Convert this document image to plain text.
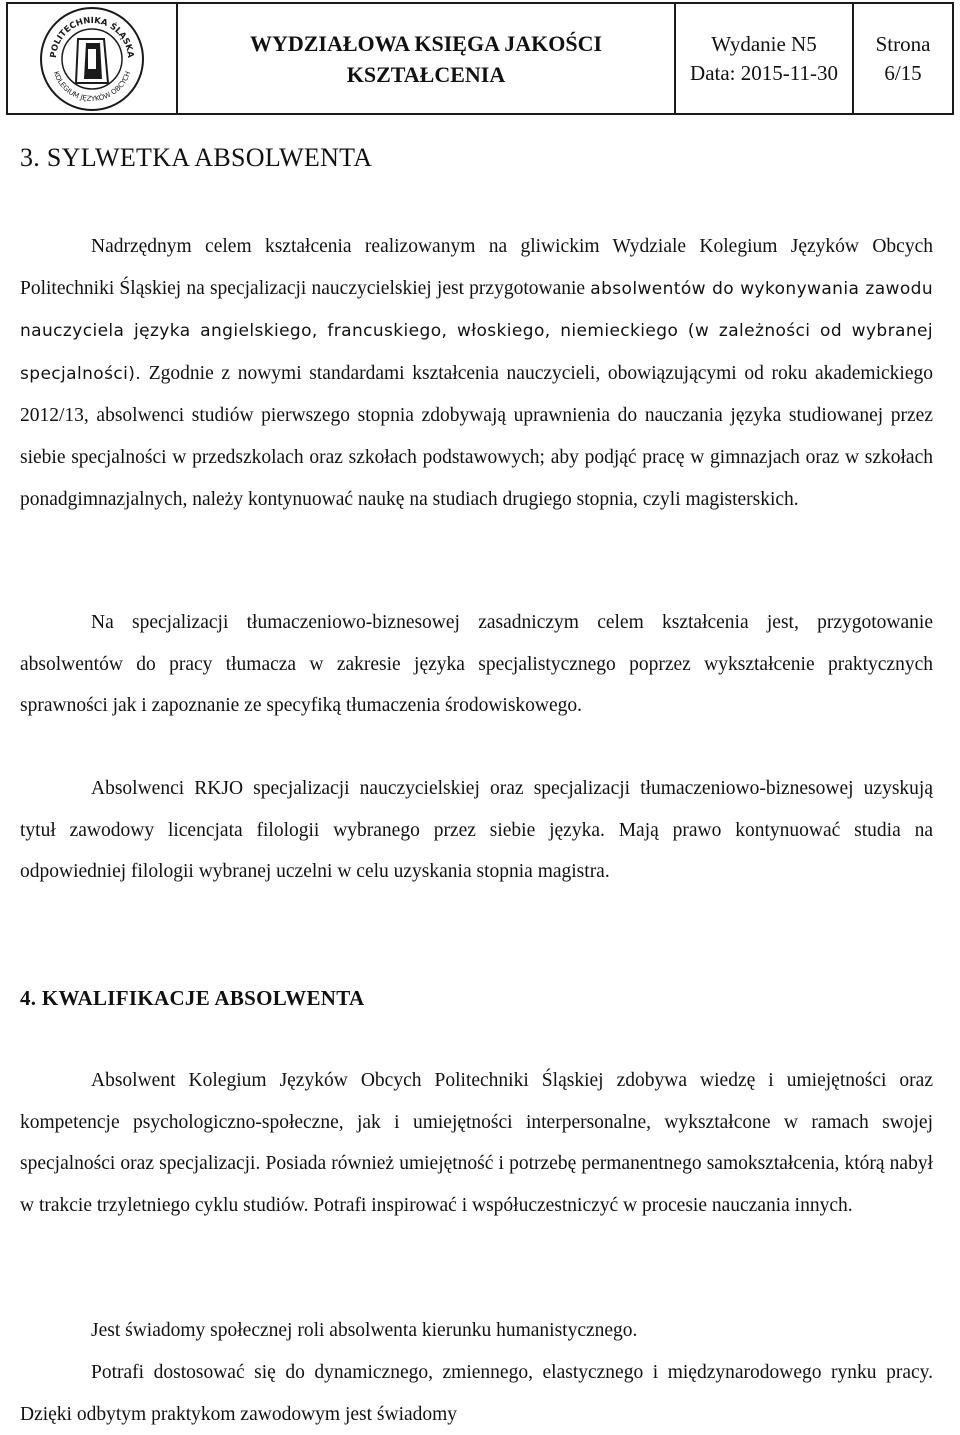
POLITECHNIKA ŚLĄSKA
KOLEGIUM JĘZYKÓW OBCYCH
WYDZIAŁOWA KSIĘGA JAKOŚCI
KSZTAŁCENIA
Wydanie N5
Data: 2015-11-30
Strona
6/15
3. SYLWETKA ABSOLWENTA
Nadrzędnym celem kształcenia realizowanym na gliwickim Wydziale Kolegium Języków Obcych Politechniki Śląskiej na specjalizacji nauczycielskiej jest przygotowanie absolwentów do wykonywania zawodu nauczyciela języka angielskiego, francuskiego, włoskiego, niemieckiego (w zależności od wybranej specjalności). Zgodnie z nowymi standardami kształcenia nauczycieli, obowiązującymi od roku akademickiego 2012/13, absolwenci studiów pierwszego stopnia zdobywają uprawnienia do nauczania języka studiowanej przez siebie specjalności w przedszkolach oraz szkołach podstawowych; aby podjąć pracę w gimnazjach oraz w szkołach ponadgimnazjalnych, należy kontynuować naukę na studiach drugiego stopnia, czyli magisterskich.
Na specjalizacji tłumaczeniowo-biznesowej zasadniczym celem kształcenia jest, przygotowanie absolwentów do pracy tłumacza w zakresie języka specjalistycznego poprzez wykształcenie praktycznych sprawności jak i zapoznanie ze specyfiką tłumaczenia środowiskowego.
Absolwenci RKJO specjalizacji nauczycielskiej oraz specjalizacji tłumaczeniowo-biznesowej uzyskują tytuł zawodowy licencjata filologii wybranego przez siebie języka. Mają prawo kontynuować studia na odpowiedniej filologii wybranej uczelni w celu uzyskania stopnia magistra.
4. KWALIFIKACJE ABSOLWENTA
Absolwent Kolegium Języków Obcych Politechniki Śląskiej zdobywa wiedzę i umiejętności oraz kompetencje psychologiczno-społeczne, jak i umiejętności interpersonalne, wykształcone w ramach swojej specjalności oraz specjalizacji. Posiada również umiejętność i potrzebę permanentnego samokształcenia, którą nabył w trakcie trzyletniego cyklu studiów. Potrafi inspirować i współuczestniczyć w procesie nauczania innych.
Jest świadomy społecznej roli absolwenta kierunku humanistycznego.
Potrafi dostosować się do dynamicznego, zmiennego, elastycznego i międzynarodowego rynku pracy. Dzięki odbytym praktykom zawodowym jest świadomy
